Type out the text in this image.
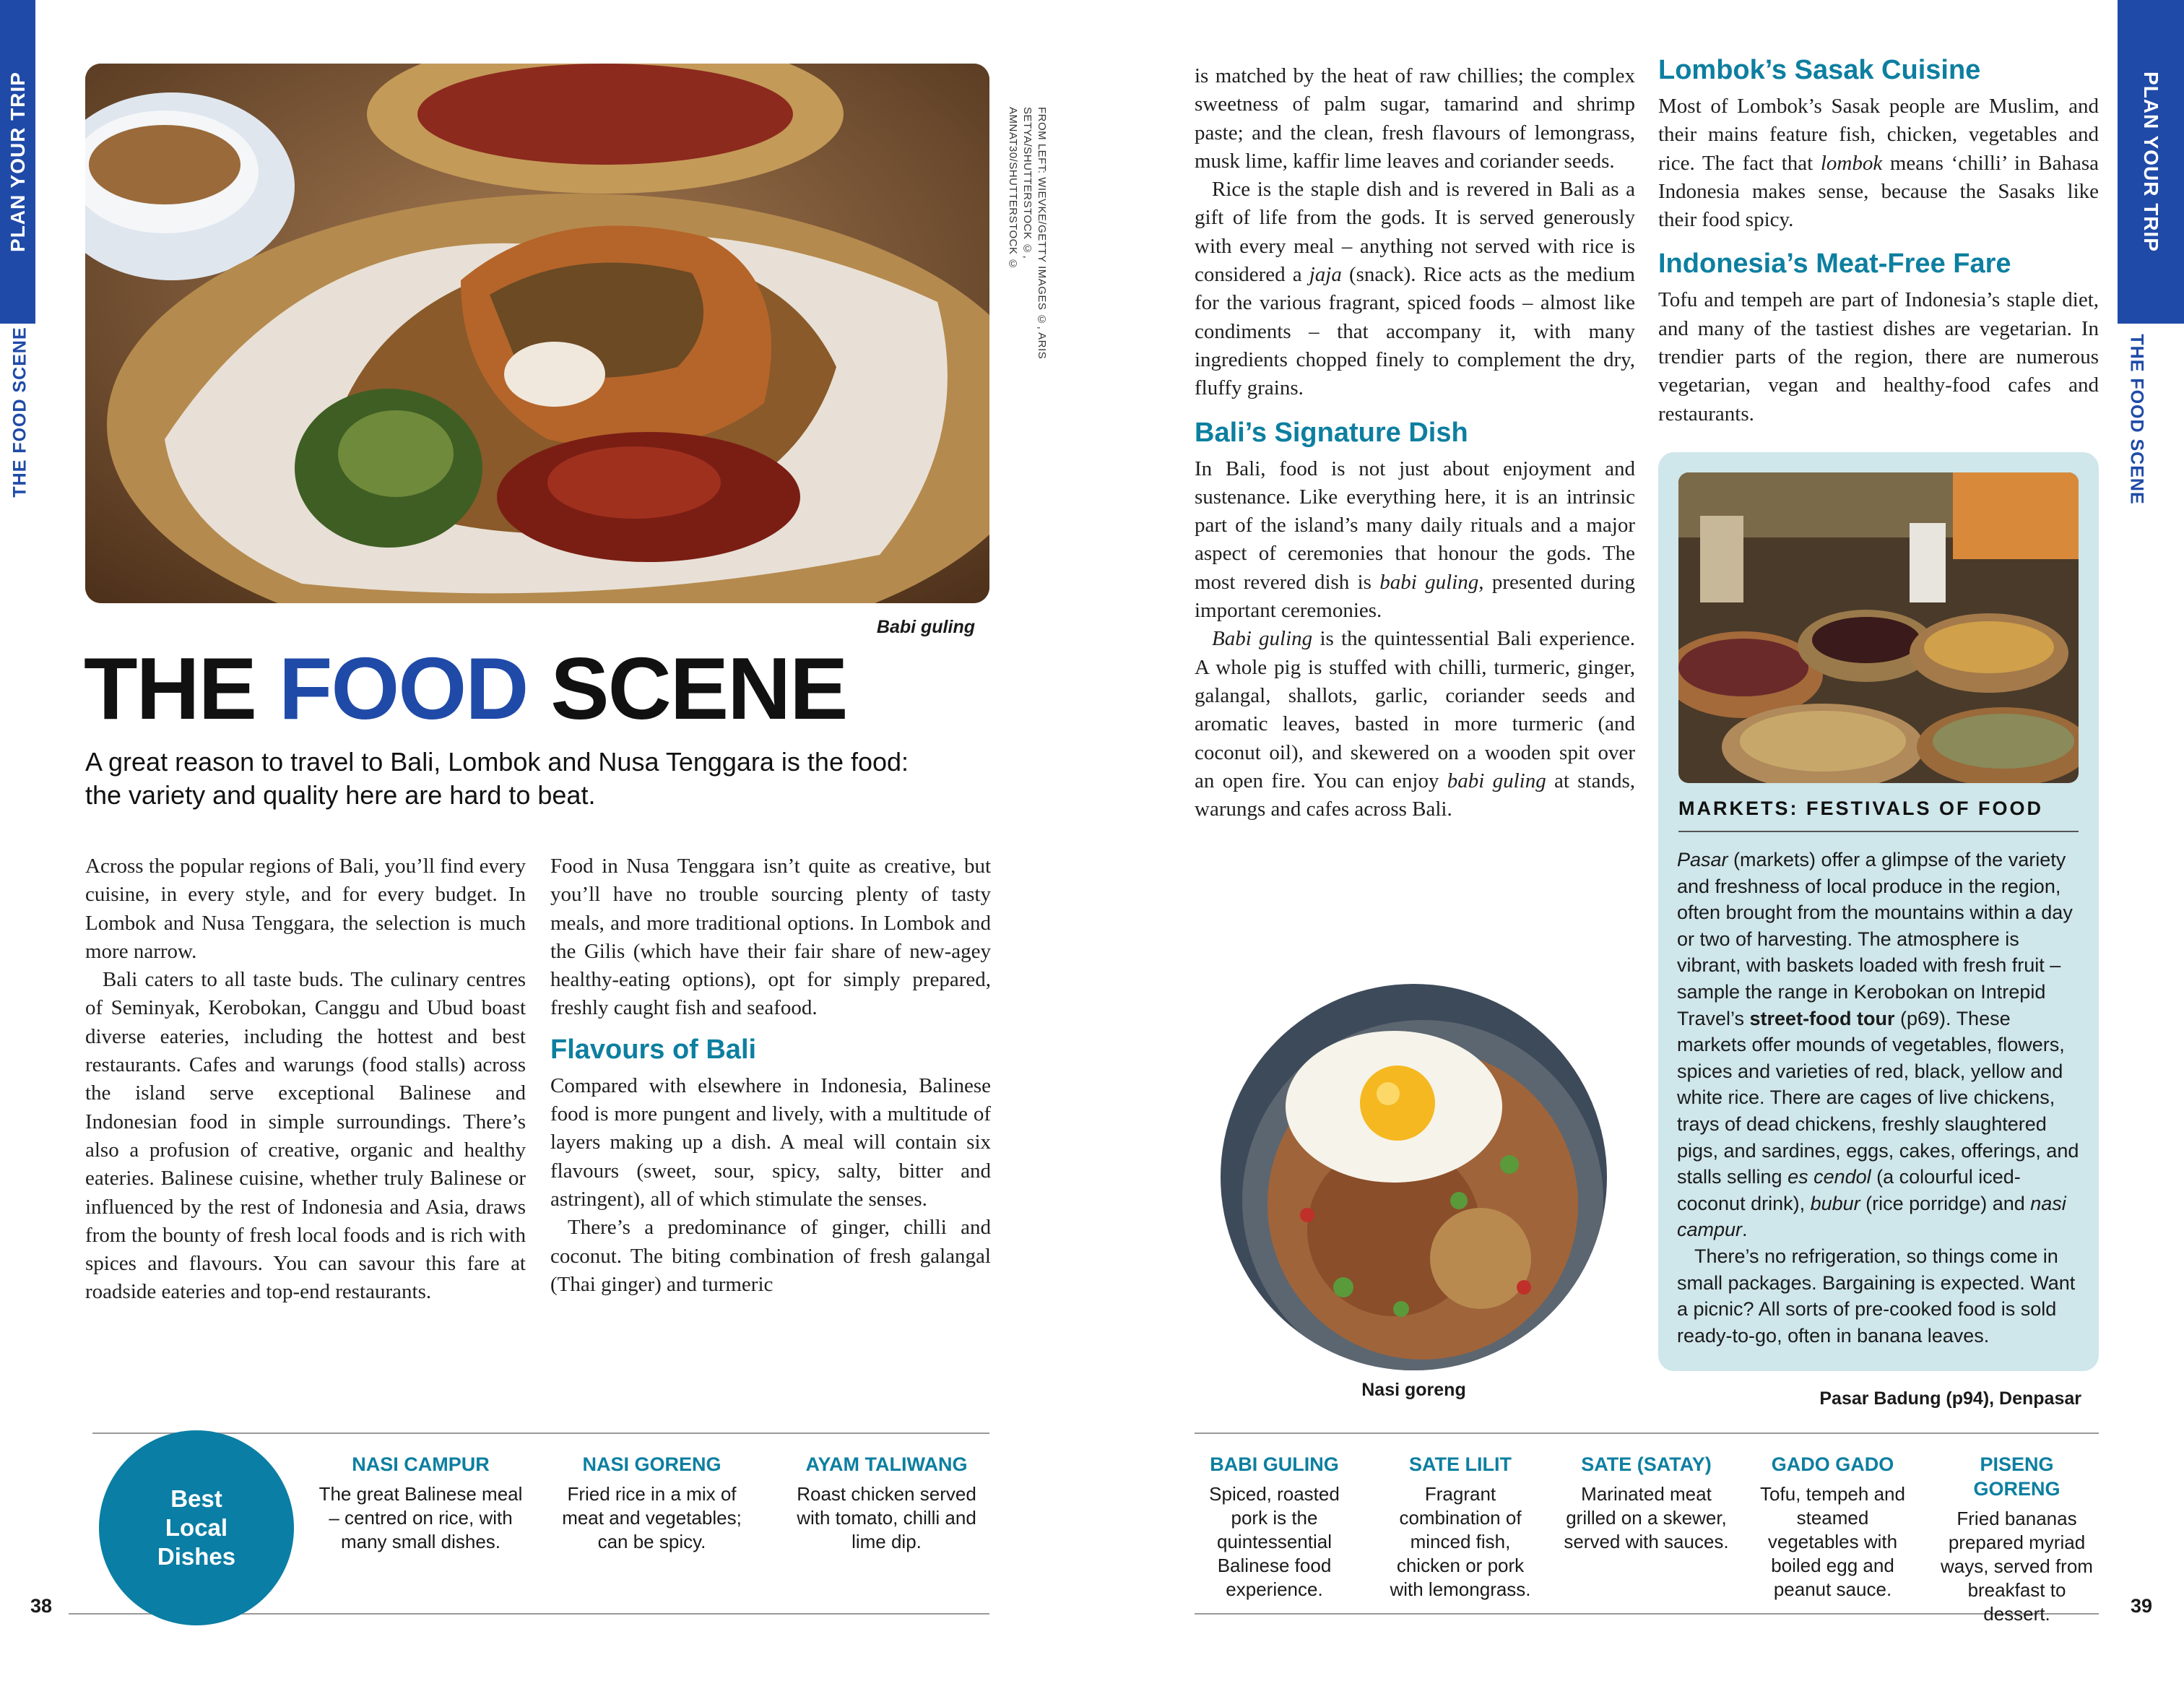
PLAN YOUR TRIP
THE FOOD SCENE
FROM LEFT: WIEVKE/GETTY IMAGES ©, ARIS SETYA/SHUTTERSTOCK ©,
AMNAT30/SHUTTERSTOCK ©
Babi guling
THE FOOD SCENE
A great reason to travel to Bali, Lombok and Nusa Tenggara is the food: the variety and quality here are hard to beat.

Across the popular regions of Bali, you’ll find every cuisine, in every style, and for every budget. In Lombok and Nusa Tenggara, the selection is much more narrow.

Bali caters to all taste buds. The culinary centres of Seminyak, Kerobokan, Canggu and Ubud boast diverse eateries, including the hottest and best restaurants. Cafes and warungs (food stalls) across the island serve exceptional Balinese and Indonesian food in simple surroundings. There’s also a profusion of creative, organic and healthy eateries. Balinese cuisine, whether truly Balinese or influenced by the rest of Indonesia and Asia, draws from the bounty of fresh local foods and is rich with spices and flavours. You can savour this fare at roadside eateries and top-end restaurants.

Food in Nusa Tenggara isn’t quite as creative, but you’ll have no trouble sourcing plenty of tasty meals, and more traditional options. In Lombok and the Gilis (which have their fair share of new-agey healthy-eating options), opt for simply prepared, freshly caught fish and seafood.

Flavours of Bali

Compared with elsewhere in Indonesia, Balinese food is more pungent and lively, with a multitude of layers making up a dish. A meal will contain six flavours (sweet, sour, spicy, salty, bitter and astringent), all of which stimulate the senses.

There’s a predominance of ginger, chilli and coconut. The biting combination of fresh galangal (Thai ginger) and turmeric

Best Local Dishes
NASI CAMPUR
The great Balinese meal – centred on rice, with many small dishes.
NASI GORENG
Fried rice in a mix of meat and vegetables; can be spicy.
AYAM TALIWANG
Roast chicken served with tomato, chilli and lime dip.
38

is matched by the heat of raw chillies; the complex sweetness of palm sugar, tamarind and shrimp paste; and the clean, fresh flavours of lemongrass, musk lime, kaffir lime leaves and coriander seeds.

Rice is the staple dish and is revered in Bali as a gift of life from the gods. It is served generously with every meal – anything not served with rice is considered a jaja (snack). Rice acts as the medium for the various fragrant, spiced foods – almost like condiments – that accompany it, with many ingredients chopped finely to complement the dry, fluffy grains.

Bali’s Signature Dish

In Bali, food is not just about enjoyment and sustenance. Like everything here, it is an intrinsic part of the island’s many daily rituals and a major aspect of ceremonies that honour the gods. The most revered dish is babi guling, presented during important ceremonies.

Babi guling is the quintessential Bali experience. A whole pig is stuffed with chilli, turmeric, ginger, galangal, shallots, garlic, coriander seeds and aromatic leaves, basted in more turmeric (and coconut oil), and skewered on a wooden spit over an open fire. You can enjoy babi guling at stands, warungs and cafes across Bali.

Nasi goreng
Lombok’s Sasak Cuisine

Most of Lombok’s Sasak people are Muslim, and their mains feature fish, chicken, vegetables and rice. The fact that lombok means ‘chilli’ in Bahasa Indonesia makes sense, because the Sasaks like their food spicy.

Indonesia’s Meat-Free Fare

Tofu and tempeh are part of Indonesia’s staple diet, and many of the tastiest dishes are vegetarian. In trendier parts of the region, there are numerous vegetarian, vegan and healthy-food cafes and restaurants.

MARKETS: FESTIVALS OF FOOD

Pasar (markets) offer a glimpse of the variety and freshness of local produce in the region, often brought from the mountains within a day or two of harvesting. The atmosphere is vibrant, with baskets loaded with fresh fruit – sample the range in Kerobokan on Intrepid Travel’s street-food tour (p69). These markets offer mounds of vegetables, flowers, spices and varieties of red, black, yellow and white rice. There are cages of live chickens, trays of dead chickens, freshly slaughtered pigs, and sardines, eggs, cakes, offerings, and stalls selling es cendol (a colourful iced-coconut drink), bubur (rice porridge) and nasi campur.

There’s no refrigeration, so things come in small packages. Bargaining is expected. Want a picnic? All sorts of pre-cooked food is sold ready-to-go, often in banana leaves.

Pasar Badung (p94), Denpasar
BABI GULING
Spiced, roasted pork is the quintessential Balinese food experience.
SATE LILIT
Fragrant combination of minced fish, chicken or pork with lemongrass.
SATE (SATAY)
Marinated meat grilled on a skewer, served with sauces.
GADO GADO
Tofu, tempeh and steamed vegetables with boiled egg and peanut sauce.
PISENG GORENG
Fried bananas prepared myriad ways, served from breakfast to dessert.
PLAN YOUR TRIP
THE FOOD SCENE
39
